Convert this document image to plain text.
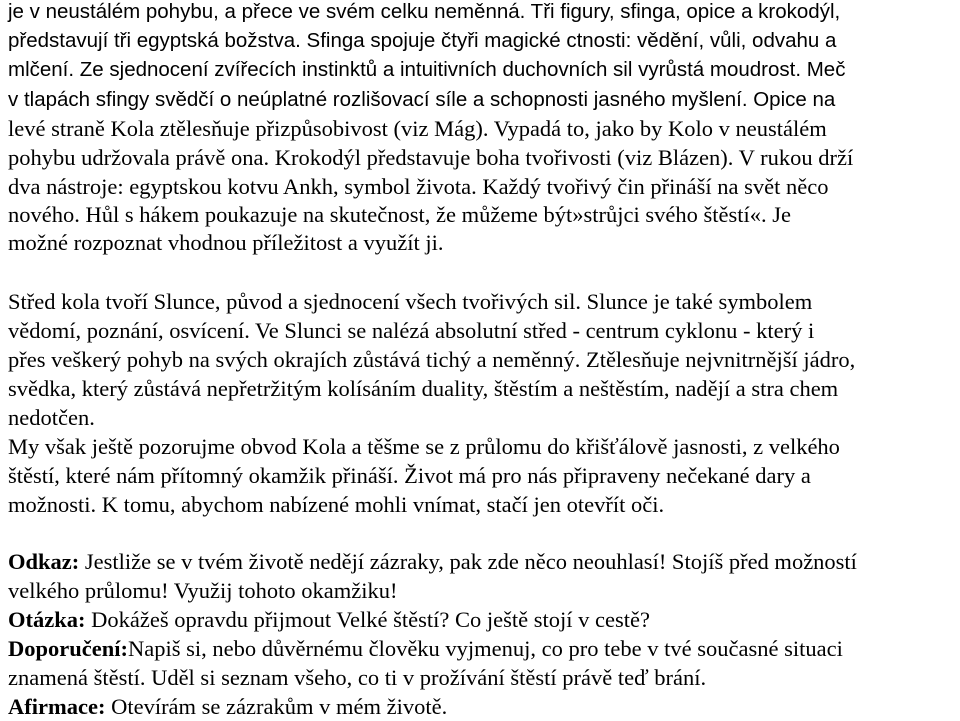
je v neustálém pohybu, a přece ve svém celku neměnná. Tři figury, sfinga, opice a krokodýl,
představují tři egyptská božstva. Sfinga spojuje čtyři magické ctnosti: vědění, vůli, odvahu a
mlčení. Ze sjednocení zvířecích instinktů a intuitivních duchovních sil vyrůstá moudrost. Meč
v tlapách sfingy svědčí o neúplatné rozlišovací síle a schopnosti jasného myšlení. Opice na
levé straně Kola ztělesňuje přizpůsobivost (viz Mág). Vypadá to, jako by Kolo v neustálém
pohybu udržovala právě ona. Krokodýl představuje boha tvořivosti (viz Blázen). V rukou drží
dva nástroje: egyptskou kotvu Ankh, symbol života. Každý tvořivý čin přináší na svět něco
nového. Hůl s hákem poukazuje na skutečnost, že můžeme být»strůjci svého štěstí«. Je
možné rozpoznat vhodnou příležitost a využít ji.
Střed kola tvoří Slunce, původ a sjednocení všech tvořivých sil. Slunce je také symbolem
vědomí, poznání, osvícení. Ve Slunci se nalézá absolutní střed - centrum cyklonu - který i
přes veškerý pohyb na svých okrajích zůstává tichý a neměnný. Ztělesňuje nejvnitrnější jádro,
svědka, který zůstává nepřetržitým kolísáním duality, štěstím a neštěstím, nadějí a stra chem
nedotčen.
My však ještě pozorujme obvod Kola a těšme se z průlomu do křišťálově jasnosti, z velkého
štěstí, které nám přítomný okamžik přináší. Život má pro nás připraveny nečekané dary a
možnosti. K tomu, abychom nabízené mohli vnímat, stačí jen otevřít oči.
Odkaz: Jestliže se v tvém životě nedějí zázraky, pak zde něco neouhlasí! Stojíš před možností
velkého průlomu! Využij tohoto okamžiku!
Otázka: Dokážeš opravdu přijmout Velké štěstí? Co ještě stojí v cestě?
Doporučení:Napiš si, nebo důvěrnému člověku vyjmenuj, co pro tebe v tvé současné situaci
znamená štěstí. Uděl si seznam všeho, co ti v prožívání štěstí právě teď brání.
Afirmace: Otevírám se zázrakům v mém životě.
